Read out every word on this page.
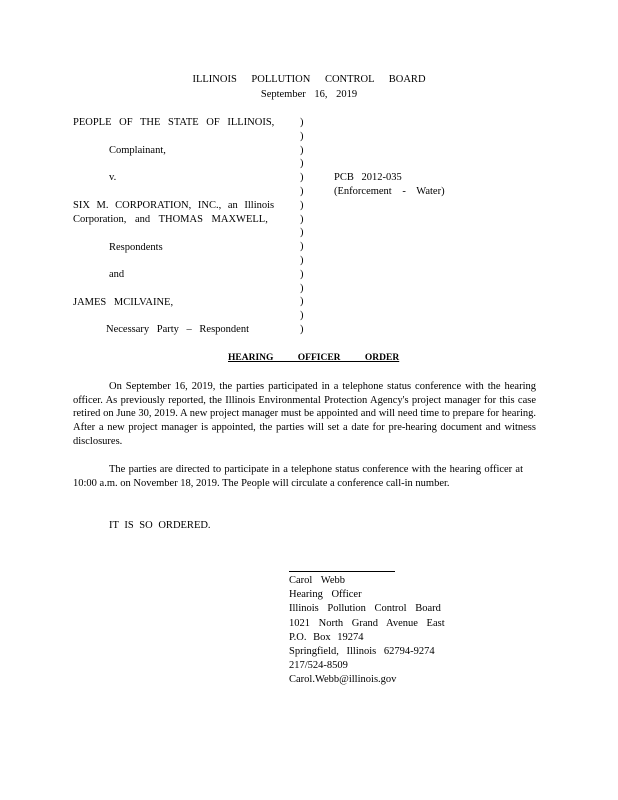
ILLINOIS POLLUTION CONTROL BOARD
September 16, 2019
PEOPLE OF THE STATE OF ILLINOIS,
Complainant,
v.
SIX M. CORPORATION, INC., an Illinois
Corporation, and THOMAS MAXWELL,
Respondents
and
JAMES MCILVAINE,
Necessary Party – Respondent
)
)
)
)
)
)
)
)
)
)
)
)
)
)
)
)
PCB 2012-035
(Enforcement - Water)
HEARING OFFICER ORDER
On September 16, 2019, the parties participated in a telephone status conference with the hearing officer. As previously reported, the Illinois Environmental Protection Agency's project manager for this case retired on June 30, 2019. A new project manager must be appointed and will need time to prepare for hearing. After a new project manager is appointed, the parties will set a date for pre-hearing document and witness disclosures.
The parties are directed to participate in a telephone status conference with the hearing officer at 10:00 a.m. on November 18, 2019. The People will circulate a conference call-in number.
IT IS SO ORDERED.
Carol Webb
Hearing Officer
Illinois Pollution Control Board
1021 North Grand Avenue East
P.O. Box 19274
Springfield, Illinois 62794-9274
217/524-8509
Carol.Webb@illinois.gov
